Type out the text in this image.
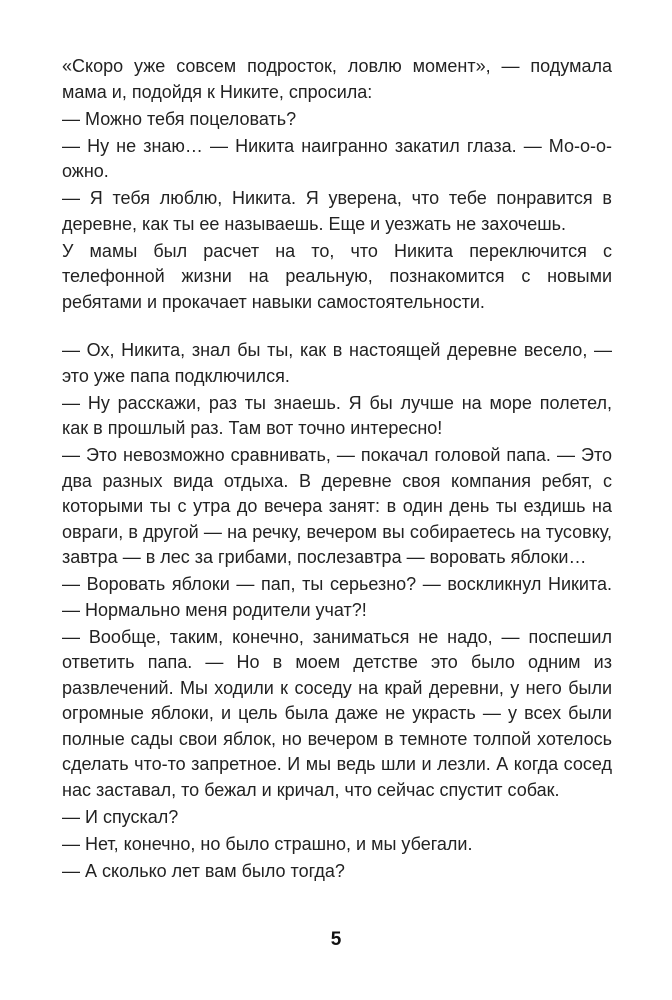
«Скоро уже совсем подросток, ловлю момент», — подумала мама и, подойдя к Никите, спросила:

— Можно тебя поцеловать?

— Ну не знаю… — Никита наигранно закатил глаза. — Мо-о-о-ожно.

— Я тебя люблю, Никита. Я уверена, что тебе понравится в деревне, как ты ее называешь. Еще и уезжать не захочешь.

У мамы был расчет на то, что Никита переключится с телефонной жизни на реальную, познакомится с новыми ребятами и прокачает навыки самостоятельности.

— Ох, Никита, знал бы ты, как в настоящей деревне весело, — это уже папа подключился.

— Ну расскажи, раз ты знаешь. Я бы лучше на море полетел, как в прошлый раз. Там вот точно интересно!

— Это невозможно сравнивать, — покачал головой папа. — Это два разных вида отдыха. В деревне своя компания ребят, с которыми ты с утра до вечера занят: в один день ты ездишь на овраги, в другой — на речку, вечером вы собираетесь на тусовку, завтра — в лес за грибами, послезавтра — воровать яблоки…

— Воровать яблоки — пап, ты серьезно? — воскликнул Никита. — Нормально меня родители учат?!

— Вообще, таким, конечно, заниматься не надо, — поспешил ответить папа. — Но в моем детстве это было одним из развлечений. Мы ходили к соседу на край деревни, у него были огромные яблоки, и цель была даже не украсть — у всех были полные сады свои яблок, но вечером в темноте толпой хотелось сделать что-то запретное. И мы ведь шли и лезли. А когда сосед нас заставал, то бежал и кричал, что сейчас спустит собак.

— И спускал?

— Нет, конечно, но было страшно, и мы убегали.

— А сколько лет вам было тогда?

5
